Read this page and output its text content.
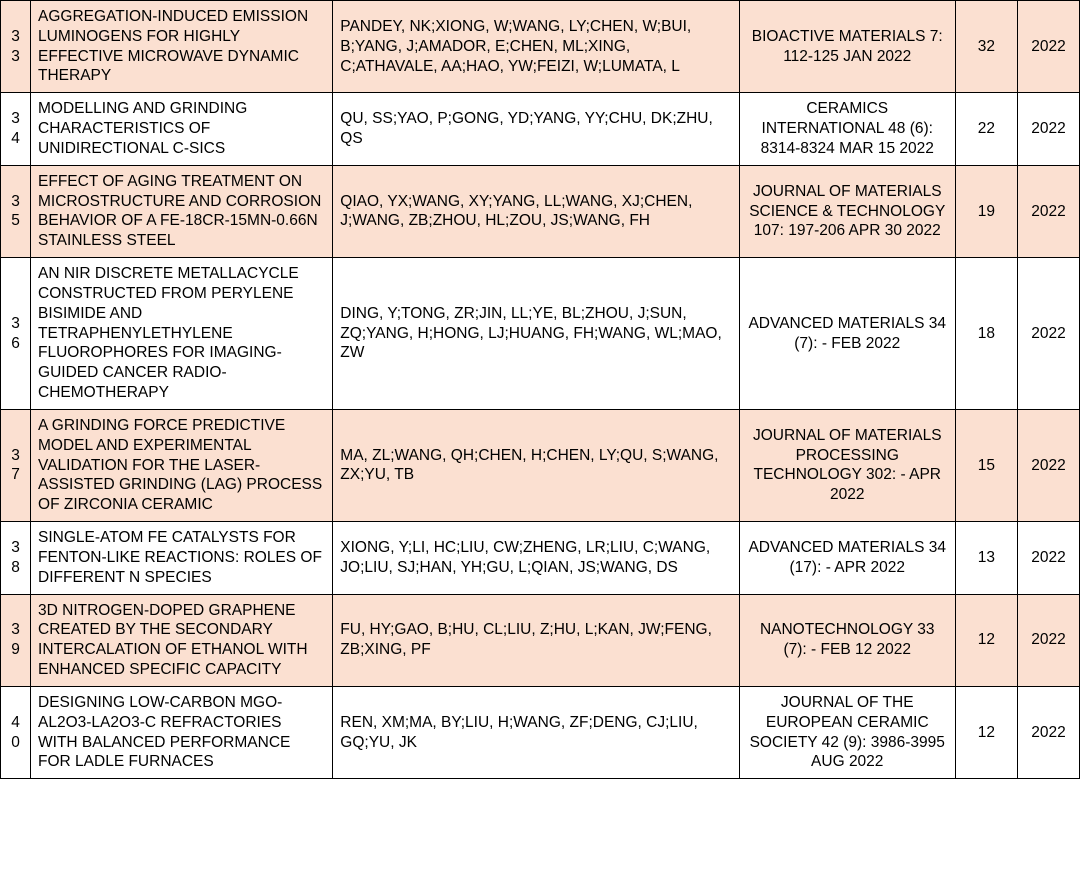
33	AGGREGATION-INDUCED EMISSION LUMINOGENS FOR HIGHLY EFFECTIVE MICROWAVE DYNAMIC THERAPY	PANDEY, NK;XIONG, W;WANG, LY;CHEN, W;BUI, B;YANG, J;AMADOR, E;CHEN, ML;XING, C;ATHAVALE, AA;HAO, YW;FEIZI, W;LUMATA, L	BIOACTIVE MATERIALS 7: 112-125 JAN 2022	32	2022
34	MODELLING AND GRINDING CHARACTERISTICS OF UNIDIRECTIONAL C-SICS	QU, SS;YAO, P;GONG, YD;YANG, YY;CHU, DK;ZHU, QS	CERAMICS INTERNATIONAL 48 (6): 8314-8324 MAR 15 2022	22	2022
35	EFFECT OF AGING TREATMENT ON MICROSTRUCTURE AND CORROSION BEHAVIOR OF A FE-18CR-15MN-0.66N STAINLESS STEEL	QIAO, YX;WANG, XY;YANG, LL;WANG, XJ;CHEN, J;WANG, ZB;ZHOU, HL;ZOU, JS;WANG, FH	JOURNAL OF MATERIALS SCIENCE & TECHNOLOGY 107: 197-206 APR 30 2022	19	2022
36	AN NIR DISCRETE METALLACYCLE CONSTRUCTED FROM PERYLENE BISIMIDE AND TETRAPHENYLETHYLENE FLUOROPHORES FOR IMAGING-GUIDED CANCER RADIO-CHEMOTHERAPY	DING, Y;TONG, ZR;JIN, LL;YE, BL;ZHOU, J;SUN, ZQ;YANG, H;HONG, LJ;HUANG, FH;WANG, WL;MAO, ZW	ADVANCED MATERIALS 34 (7): - FEB 2022	18	2022
37	A GRINDING FORCE PREDICTIVE MODEL AND EXPERIMENTAL VALIDATION FOR THE LASER-ASSISTED GRINDING (LAG) PROCESS OF ZIRCONIA CERAMIC	MA, ZL;WANG, QH;CHEN, H;CHEN, LY;QU, S;WANG, ZX;YU, TB	JOURNAL OF MATERIALS PROCESSING TECHNOLOGY 302: - APR 2022	15	2022
38	SINGLE-ATOM FE CATALYSTS FOR FENTON-LIKE REACTIONS: ROLES OF DIFFERENT N SPECIES	XIONG, Y;LI, HC;LIU, CW;ZHENG, LR;LIU, C;WANG, JO;LIU, SJ;HAN, YH;GU, L;QIAN, JS;WANG, DS	ADVANCED MATERIALS 34 (17): - APR 2022	13	2022
39	3D NITROGEN-DOPED GRAPHENE CREATED BY THE SECONDARY INTERCALATION OF ETHANOL WITH ENHANCED SPECIFIC CAPACITY	FU, HY;GAO, B;HU, CL;LIU, Z;HU, L;KAN, JW;FENG, ZB;XING, PF	NANOTECHNOLOGY 33 (7): - FEB 12 2022	12	2022
40	DESIGNING LOW-CARBON MGO-AL2O3-LA2O3-C REFRACTORIES WITH BALANCED PERFORMANCE FOR LADLE FURNACES	REN, XM;MA, BY;LIU, H;WANG, ZF;DENG, CJ;LIU, GQ;YU, JK	JOURNAL OF THE EUROPEAN CERAMIC SOCIETY 42 (9): 3986-3995 AUG 2022	12	2022
